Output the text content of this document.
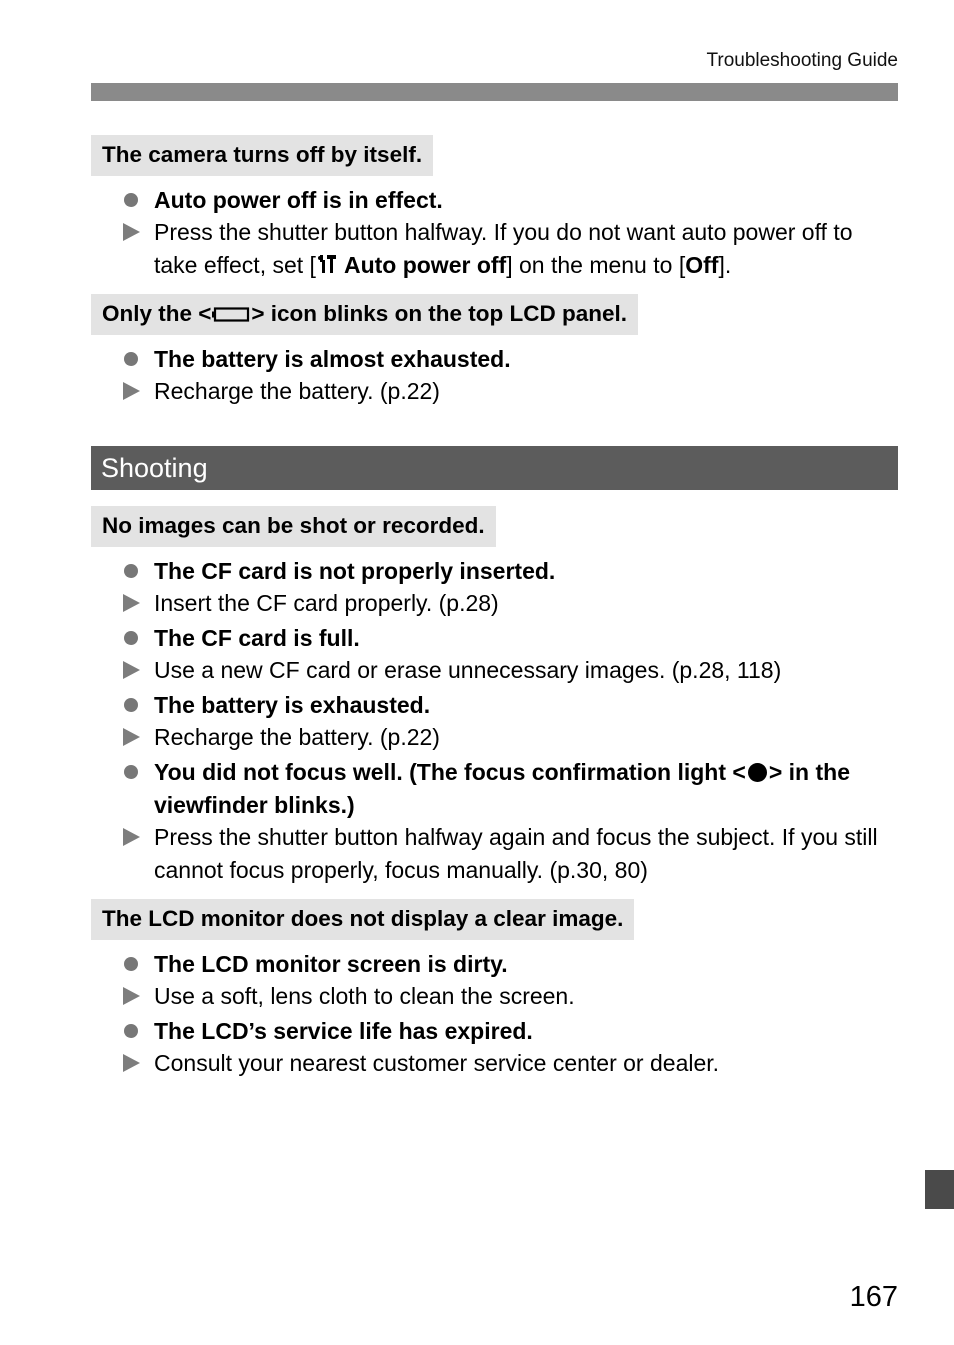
Troubleshooting Guide
The camera turns off by itself.
Auto power off is in effect.
Press the shutter button halfway. If you do not want auto power off to take effect, set [ Auto power off] on the menu to [Off].
Only the < > icon blinks on the top LCD panel.
The battery is almost exhausted.
Recharge the battery. (p.22)
Shooting
No images can be shot or recorded.
The CF card is not properly inserted.
Insert the CF card properly. (p.28)
The CF card is full.
Use a new CF card or erase unnecessary images. (p.28, 118)
The battery is exhausted.
Recharge the battery. (p.22)
You did not focus well. (The focus confirmation light < > in the viewfinder blinks.)
Press the shutter button halfway again and focus the subject. If you still cannot focus properly, focus manually. (p.30, 80)
The LCD monitor does not display a clear image.
The LCD monitor screen is dirty.
Use a soft, lens cloth to clean the screen.
The LCD’s service life has expired.
Consult your nearest customer service center or dealer.
167
